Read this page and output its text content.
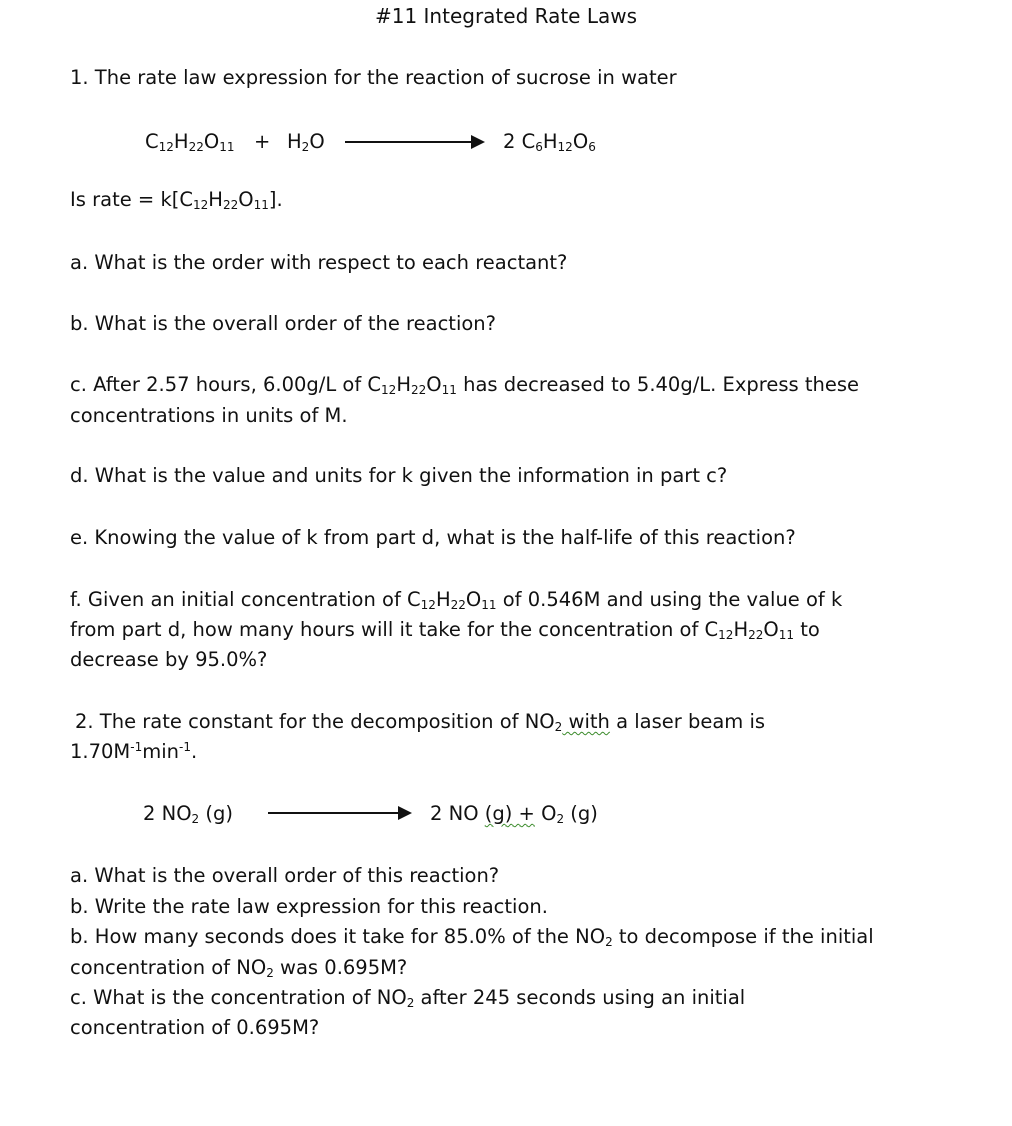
#11 Integrated Rate Laws
1. The rate law expression for the reaction of sucrose in water
$C_{12}H_{22}O_{11} + H_2O$	2 $C_6H_{12}O_6$
Is rate = $k[C_{12}H_{22}O_{11}]$.
a. What is the order with respect to each reactant?
b. What is the overall order of the reaction?
c. After 2.57 hours, 6.00g/L of $C_{12}H_{22}O_{11}$ has decreased to 5.40g/L. Express these
concentrations in units of M.
d. What is the value and units for k given the information in part c?
e. Knowing the value of k from part d, what is the half-life of this reaction?
f. Given an initial concentration of $C_{12}H_{22}O_{11}$ of 0.546M and using the value of k
from part d, how many hours will it take for the concentration of $C_{12}H_{22}O_{11}$ to
decrease by 95.0%?
2. The rate constant for the decomposition of $NO_2$ with a laser beam is
$1.70M^{-1}\min^{-1}$.
2 $NO_2$ (g)	2 NO $(g) + O_2$ (g)
a. What is the overall order of this reaction?
b. Write the rate law expression for this reaction.
b. How many seconds does it take for 85.0% of the $NO_2$ to decompose if the initial
concentration of $NO_2$ was 0.695M?
c. What is the concentration of $NO_2$ after 245 seconds using an initial
concentration of 0.695M?
